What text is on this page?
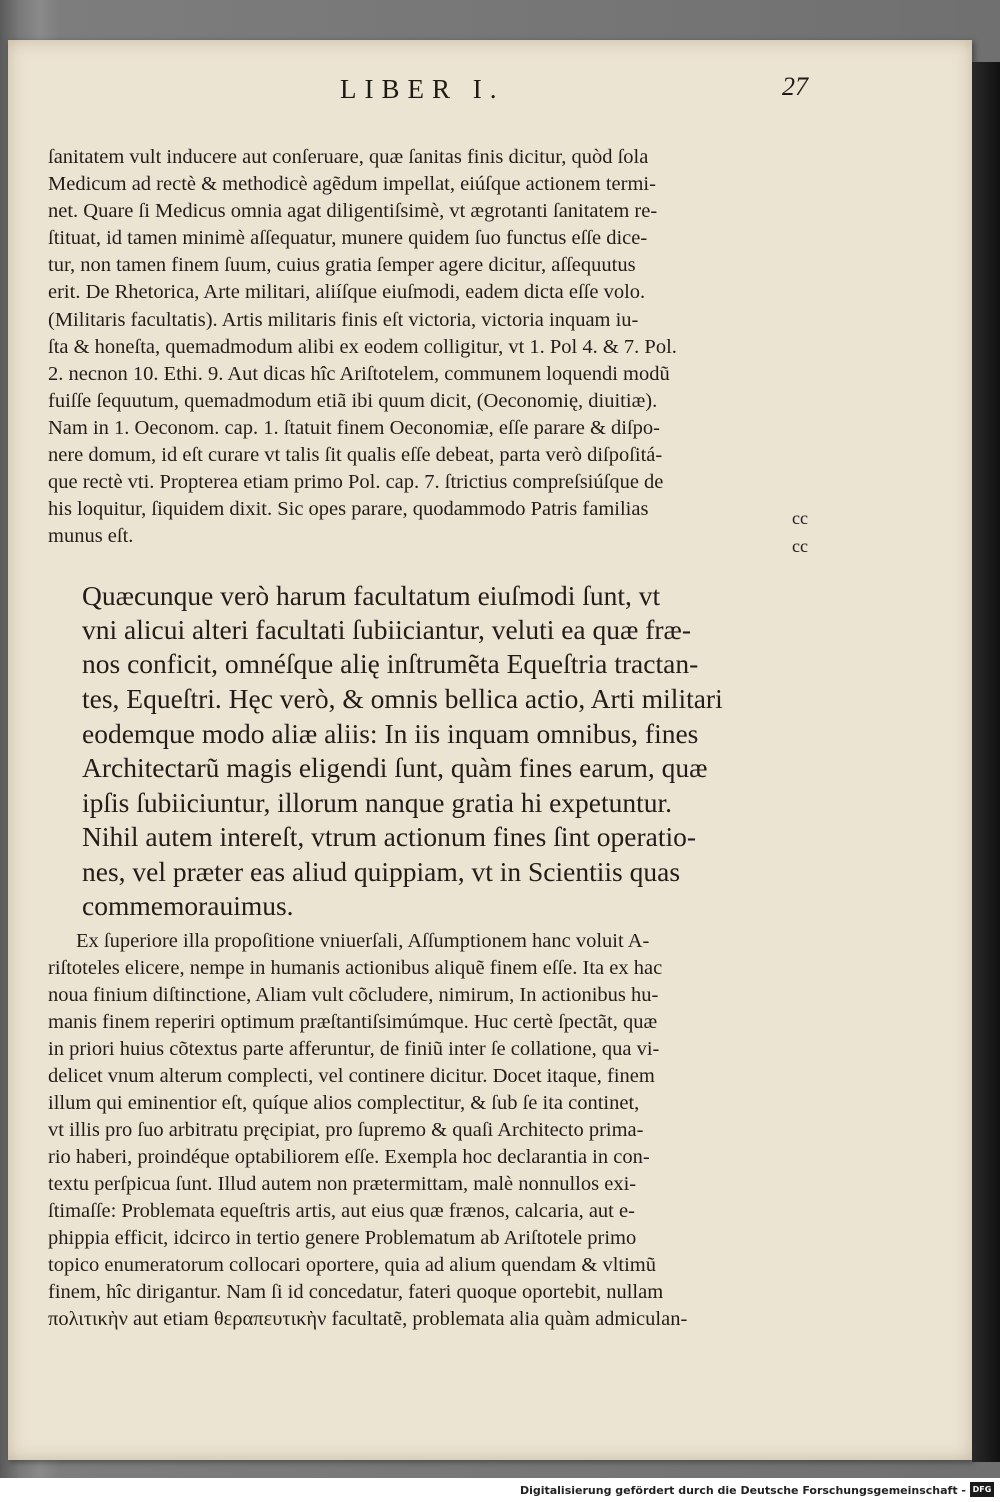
LIBER I.	27
ſanitatem vult inducere aut conſeruare, quæ ſanitas finis dicitur, quòd ſola
Medicum ad rectè & methodicè agẽdum impellat, eiúſque actionem termi-
net. Quare ſi Medicus omnia agat diligentiſsimè, vt ægrotanti ſanitatem re-
ſtituat, id tamen minimè aſſequatur, munere quidem ſuo functus eſſe dice-
tur, non tamen finem ſuum, cuius gratia ſemper agere dicitur, aſſequutus
erit. De Rhetorica, Arte militari, aliíſque eiuſmodi, eadem dicta eſſe volo.
(Militaris facultatis). Artis militaris finis eſt victoria, victoria inquam iu-
ſta & honeſta, quemadmodum alibi ex eodem colligitur, vt 1. Pol 4. & 7. Pol.
2. necnon 10. Ethi. 9. Aut dicas hîc Ariſtotelem, communem loquendi modũ
fuiſſe ſequutum, quemadmodum etiã ibi quum dicit, (Oeconomię, diuitiæ).
Nam in 1. Oeconom. cap. 1. ſtatuit finem Oeconomiæ, eſſe parare & diſpo-
nere domum, id eſt curare vt talis ſit qualis eſſe debeat, parta verò diſpoſitá-
que rectè vti. Propterea etiam primo Pol. cap. 7. ſtrictius compreſsiúſque de
his loquitur, ſiquidem dixit. Sic opes parare, quodammodo Patris familias
munus eſt.
cc
cc
Quæcunque verò harum facultatum eiuſmodi ſunt, vt
vni alicui alteri facultati ſubiiciantur, veluti ea quæ fræ-
nos conficit, omnéſque alię inſtrumẽta Equeſtria tractan-
tes, Equeſtri. Hęc verò, & omnis bellica actio, Arti militari
eodemque modo aliæ aliis: In iis inquam omnibus, fines
Architectarũ magis eligendi ſunt, quàm fines earum, quæ
ipſis ſubiiciuntur, illorum nanque gratia hi expetuntur.
Nihil autem intereſt, vtrum actionum fines ſint operatio-
nes, vel præter eas aliud quippiam, vt in Scientiis quas
commemorauimus.
Ex ſuperiore illa propoſitione vniuerſali, Aſſumptionem hanc voluit A-
riſtoteles elicere, nempe in humanis actionibus aliquẽ finem eſſe. Ita ex hac
noua finium diſtinctione, Aliam vult cõcludere, nimirum, In actionibus hu-
manis finem reperiri optimum præſtantiſsimúmque. Huc certè ſpectãt, quæ
in priori huius cõtextus parte afferuntur, de finiũ inter ſe collatione, qua vi-
delicet vnum alterum complecti, vel continere dicitur. Docet itaque, finem
illum qui eminentior eſt, quíque alios complectitur, & ſub ſe ita continet,
vt illis pro ſuo arbitratu pręcipiat, pro ſupremo & quaſi Architecto prima-
rio haberi, proindéque optabiliorem eſſe. Exempla hoc declarantia in con-
textu perſpicua ſunt. Illud autem non prætermittam, malè nonnullos exi-
ſtimaſſe: Problemata equeſtris artis, aut eius quæ frænos, calcaria, aut e-
phippia efficit, idcirco in tertio genere Problematum ab Ariſtotele primo
topico enumeratorum collocari oportere, quia ad alium quendam & vltimũ
finem, hîc dirigantur. Nam ſi id concedatur, fateri quoque oportebit, nullam
πολιτικὴν aut etiam θεραπευτικὴν facultatẽ, problemata alia quàm admiculan-
Digitalisierung gefördert durch die Deutsche Forschungsgemeinschaft - DFG
